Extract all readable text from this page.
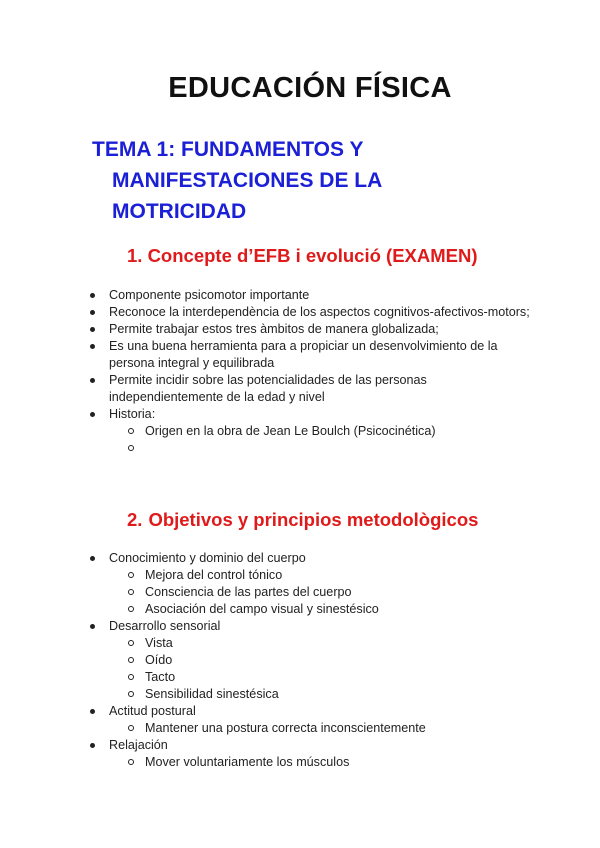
EDUCACIÓN FÍSICA
TEMA 1: FUNDAMENTOS Y
MANIFESTACIONES DE LA
MOTRICIDAD
1. Concepte d’EFB i evolució (EXAMEN)
Componente psicomotor importante
Reconoce la interdependència de los aspectos cognitivos-afectivos-motors;
Permite trabajar estos tres àmbitos de manera globalizada;
Es una buena herramienta para a propiciar un desenvolvimiento de la persona integral y equilibrada
Permite incidir sobre las potencialidades de las personas independientemente de la edad y nivel
Historia:
Origen en la obra de Jean Le Boulch (Psicocinética)
2. Objetivos y principios metodològicos
Conocimiento y dominio del cuerpo
Mejora del control tónico
Consciencia de las partes del cuerpo
Asociación del campo visual y sinestésico
Desarrollo sensorial
Vista
Oído
Tacto
Sensibilidad sinestésica
Actitud postural
Mantener una postura correcta inconscientemente
Relajación
Mover voluntariamente los músculos
